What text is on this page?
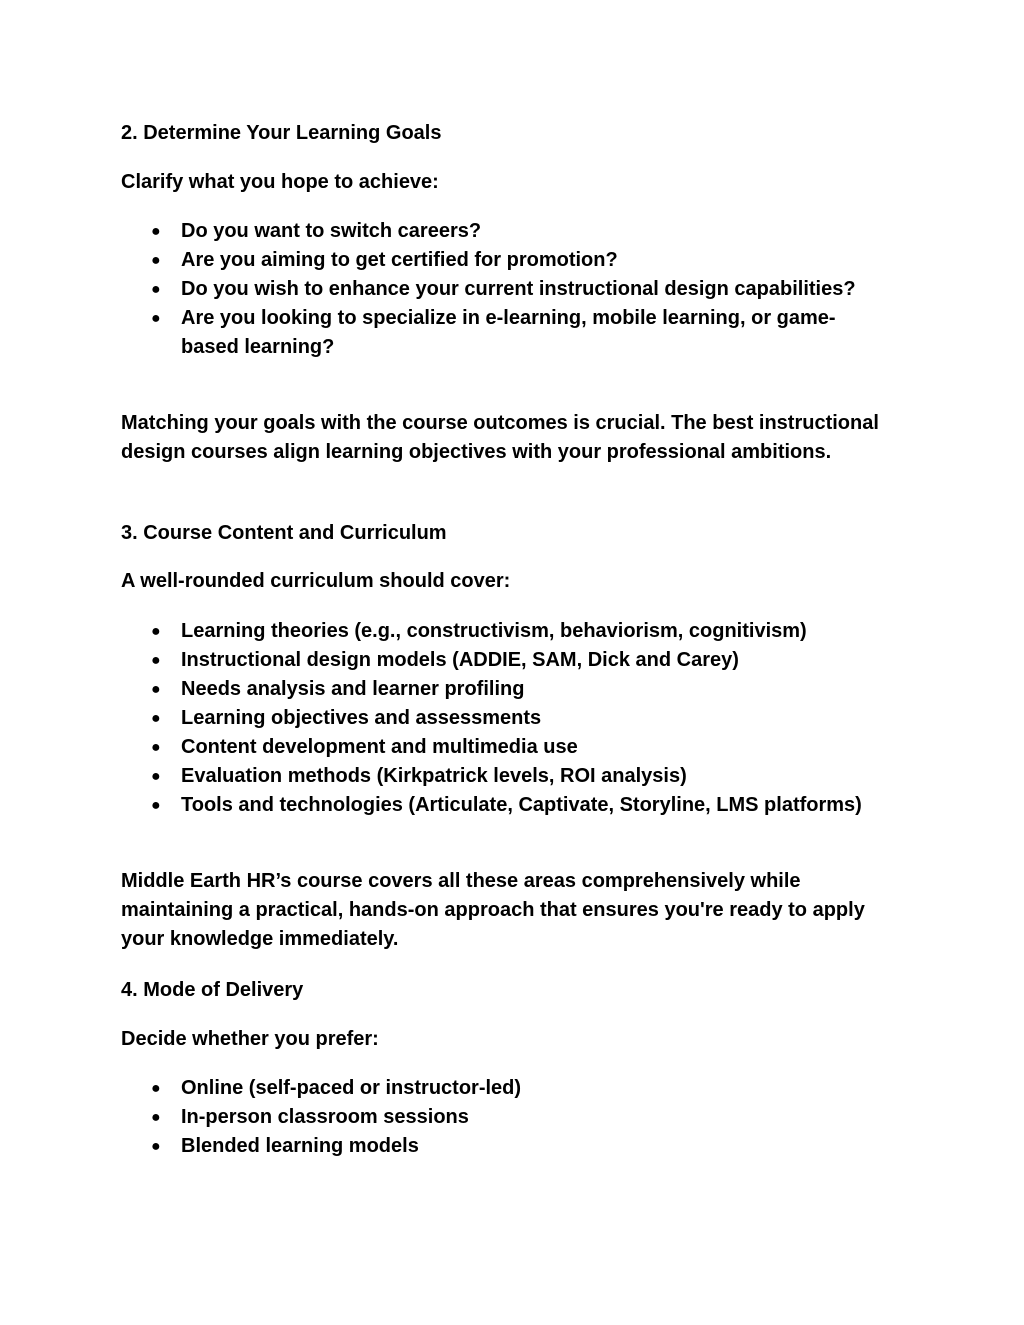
2. Determine Your Learning Goals

Clarify what you hope to achieve:

●	Do you want to switch careers?
●	Are you aiming to get certified for promotion?
●	Do you wish to enhance your current instructional design capabilities?
●	Are you looking to specialize in e-learning, mobile learning, or game-based learning?

Matching your goals with the course outcomes is crucial. The best instructional design courses align learning objectives with your professional ambitions.

3. Course Content and Curriculum

A well-rounded curriculum should cover:

●	Learning theories (e.g., constructivism, behaviorism, cognitivism)
●	Instructional design models (ADDIE, SAM, Dick and Carey)
●	Needs analysis and learner profiling
●	Learning objectives and assessments
●	Content development and multimedia use
●	Evaluation methods (Kirkpatrick levels, ROI analysis)
●	Tools and technologies (Articulate, Captivate, Storyline, LMS platforms)

Middle Earth HR’s course covers all these areas comprehensively while maintaining a practical, hands-on approach that ensures you're ready to apply your knowledge immediately.

4. Mode of Delivery

Decide whether you prefer:

●	Online (self-paced or instructor-led)
●	In-person classroom sessions
●	Blended learning models
